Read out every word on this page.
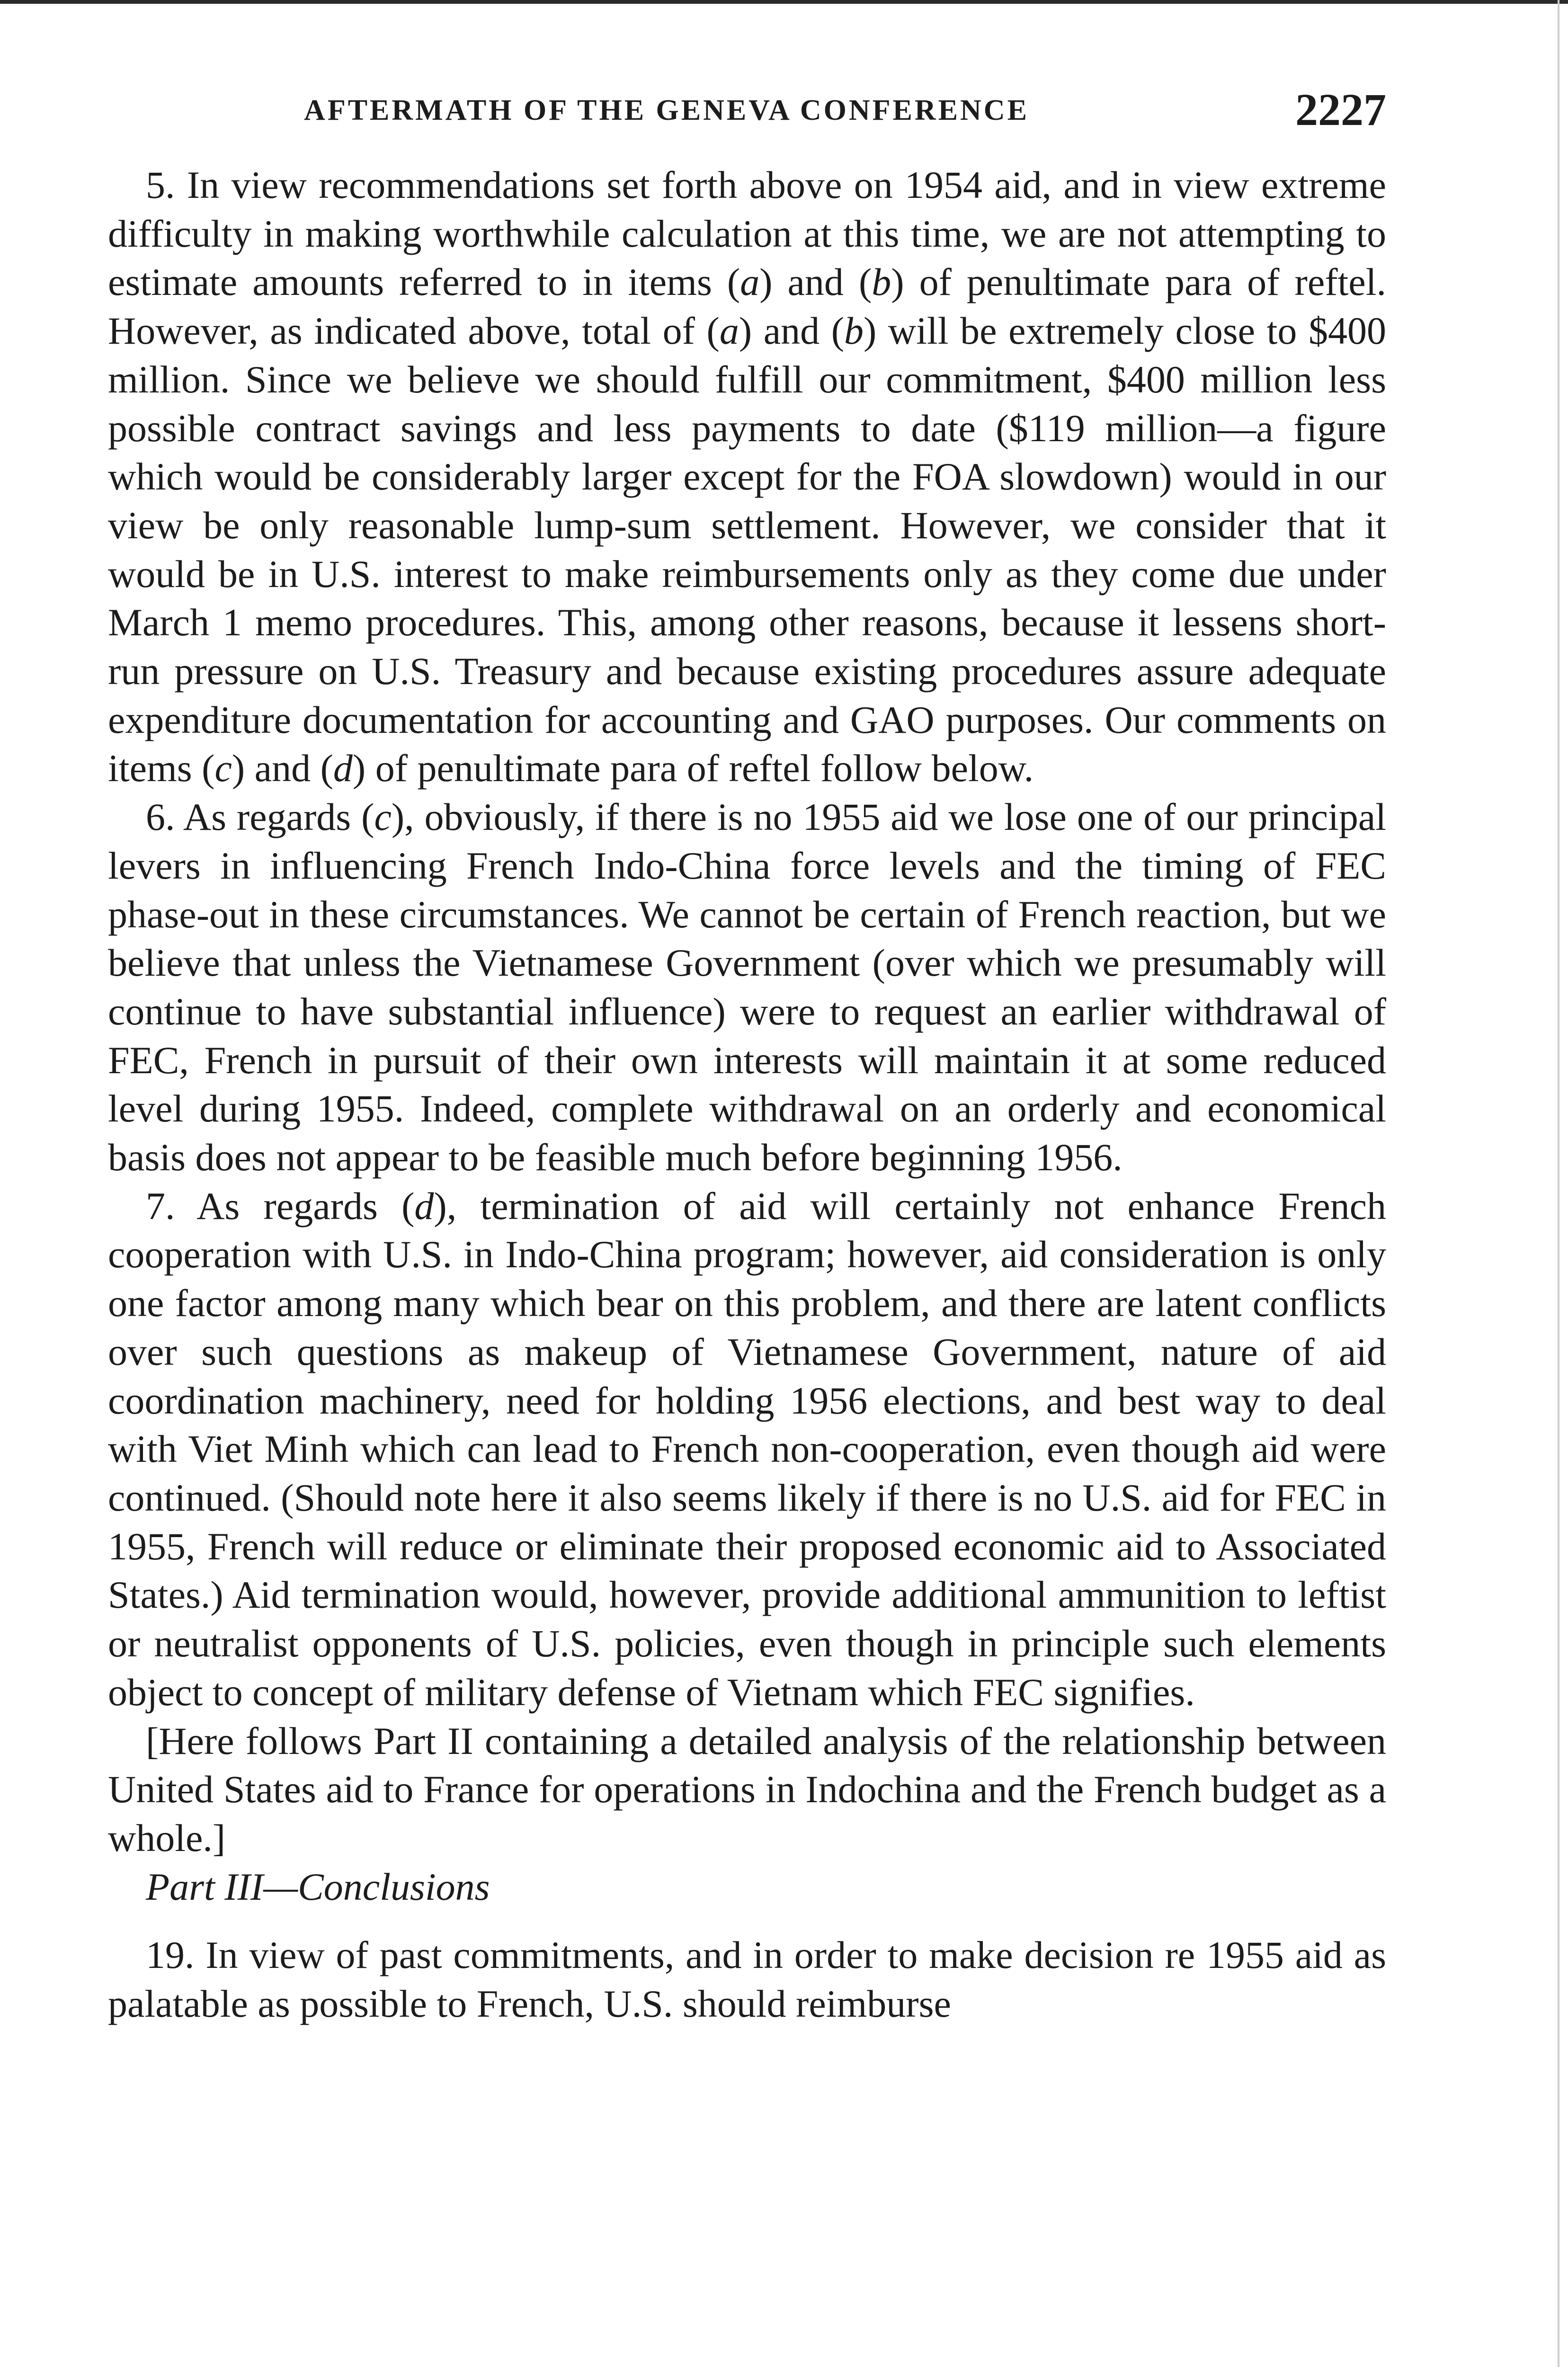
AFTERMATH OF THE GENEVA CONFERENCE	2227

5. In view recommendations set forth above on 1954 aid, and in view extreme difficulty in making worthwhile calculation at this time, we are not attempting to estimate amounts referred to in items (a) and (b) of penultimate para of reftel. However, as indicated above, total of (a) and (b) will be extremely close to $400 million. Since we believe we should fulfill our commitment, $400 million less possible contract savings and less payments to date ($119 million—a figure which would be considerably larger except for the FOA slowdown) would in our view be only reasonable lump-sum settlement. However, we consider that it would be in U.S. interest to make reimbursements only as they come due under March 1 memo procedures. This, among other reasons, because it lessens short-run pressure on U.S. Treasury and because existing procedures assure adequate expenditure documentation for accounting and GAO purposes. Our comments on items (c) and (d) of penultimate para of reftel follow below.

6. As regards (c), obviously, if there is no 1955 aid we lose one of our principal levers in influencing French Indo-China force levels and the timing of FEC phase-out in these circumstances. We cannot be certain of French reaction, but we believe that unless the Vietnamese Government (over which we presumably will continue to have substantial influence) were to request an earlier withdrawal of FEC, French in pursuit of their own interests will maintain it at some reduced level during 1955. Indeed, complete withdrawal on an orderly and economical basis does not appear to be feasible much before beginning 1956.

7. As regards (d), termination of aid will certainly not enhance French cooperation with U.S. in Indo-China program; however, aid consideration is only one factor among many which bear on this problem, and there are latent conflicts over such questions as makeup of Vietnamese Government, nature of aid coordination machinery, need for holding 1956 elections, and best way to deal with Viet Minh which can lead to French non-cooperation, even though aid were continued. (Should note here it also seems likely if there is no U.S. aid for FEC in 1955, French will reduce or eliminate their proposed economic aid to Associated States.) Aid termination would, however, provide additional ammunition to leftist or neutralist opponents of U.S. policies, even though in principle such elements object to concept of military defense of Vietnam which FEC signifies.

[Here follows Part II containing a detailed analysis of the relationship between United States aid to France for operations in Indochina and the French budget as a whole.]

Part III—Conclusions

19. In view of past commitments, and in order to make decision re 1955 aid as palatable as possible to French, U.S. should reimburse
